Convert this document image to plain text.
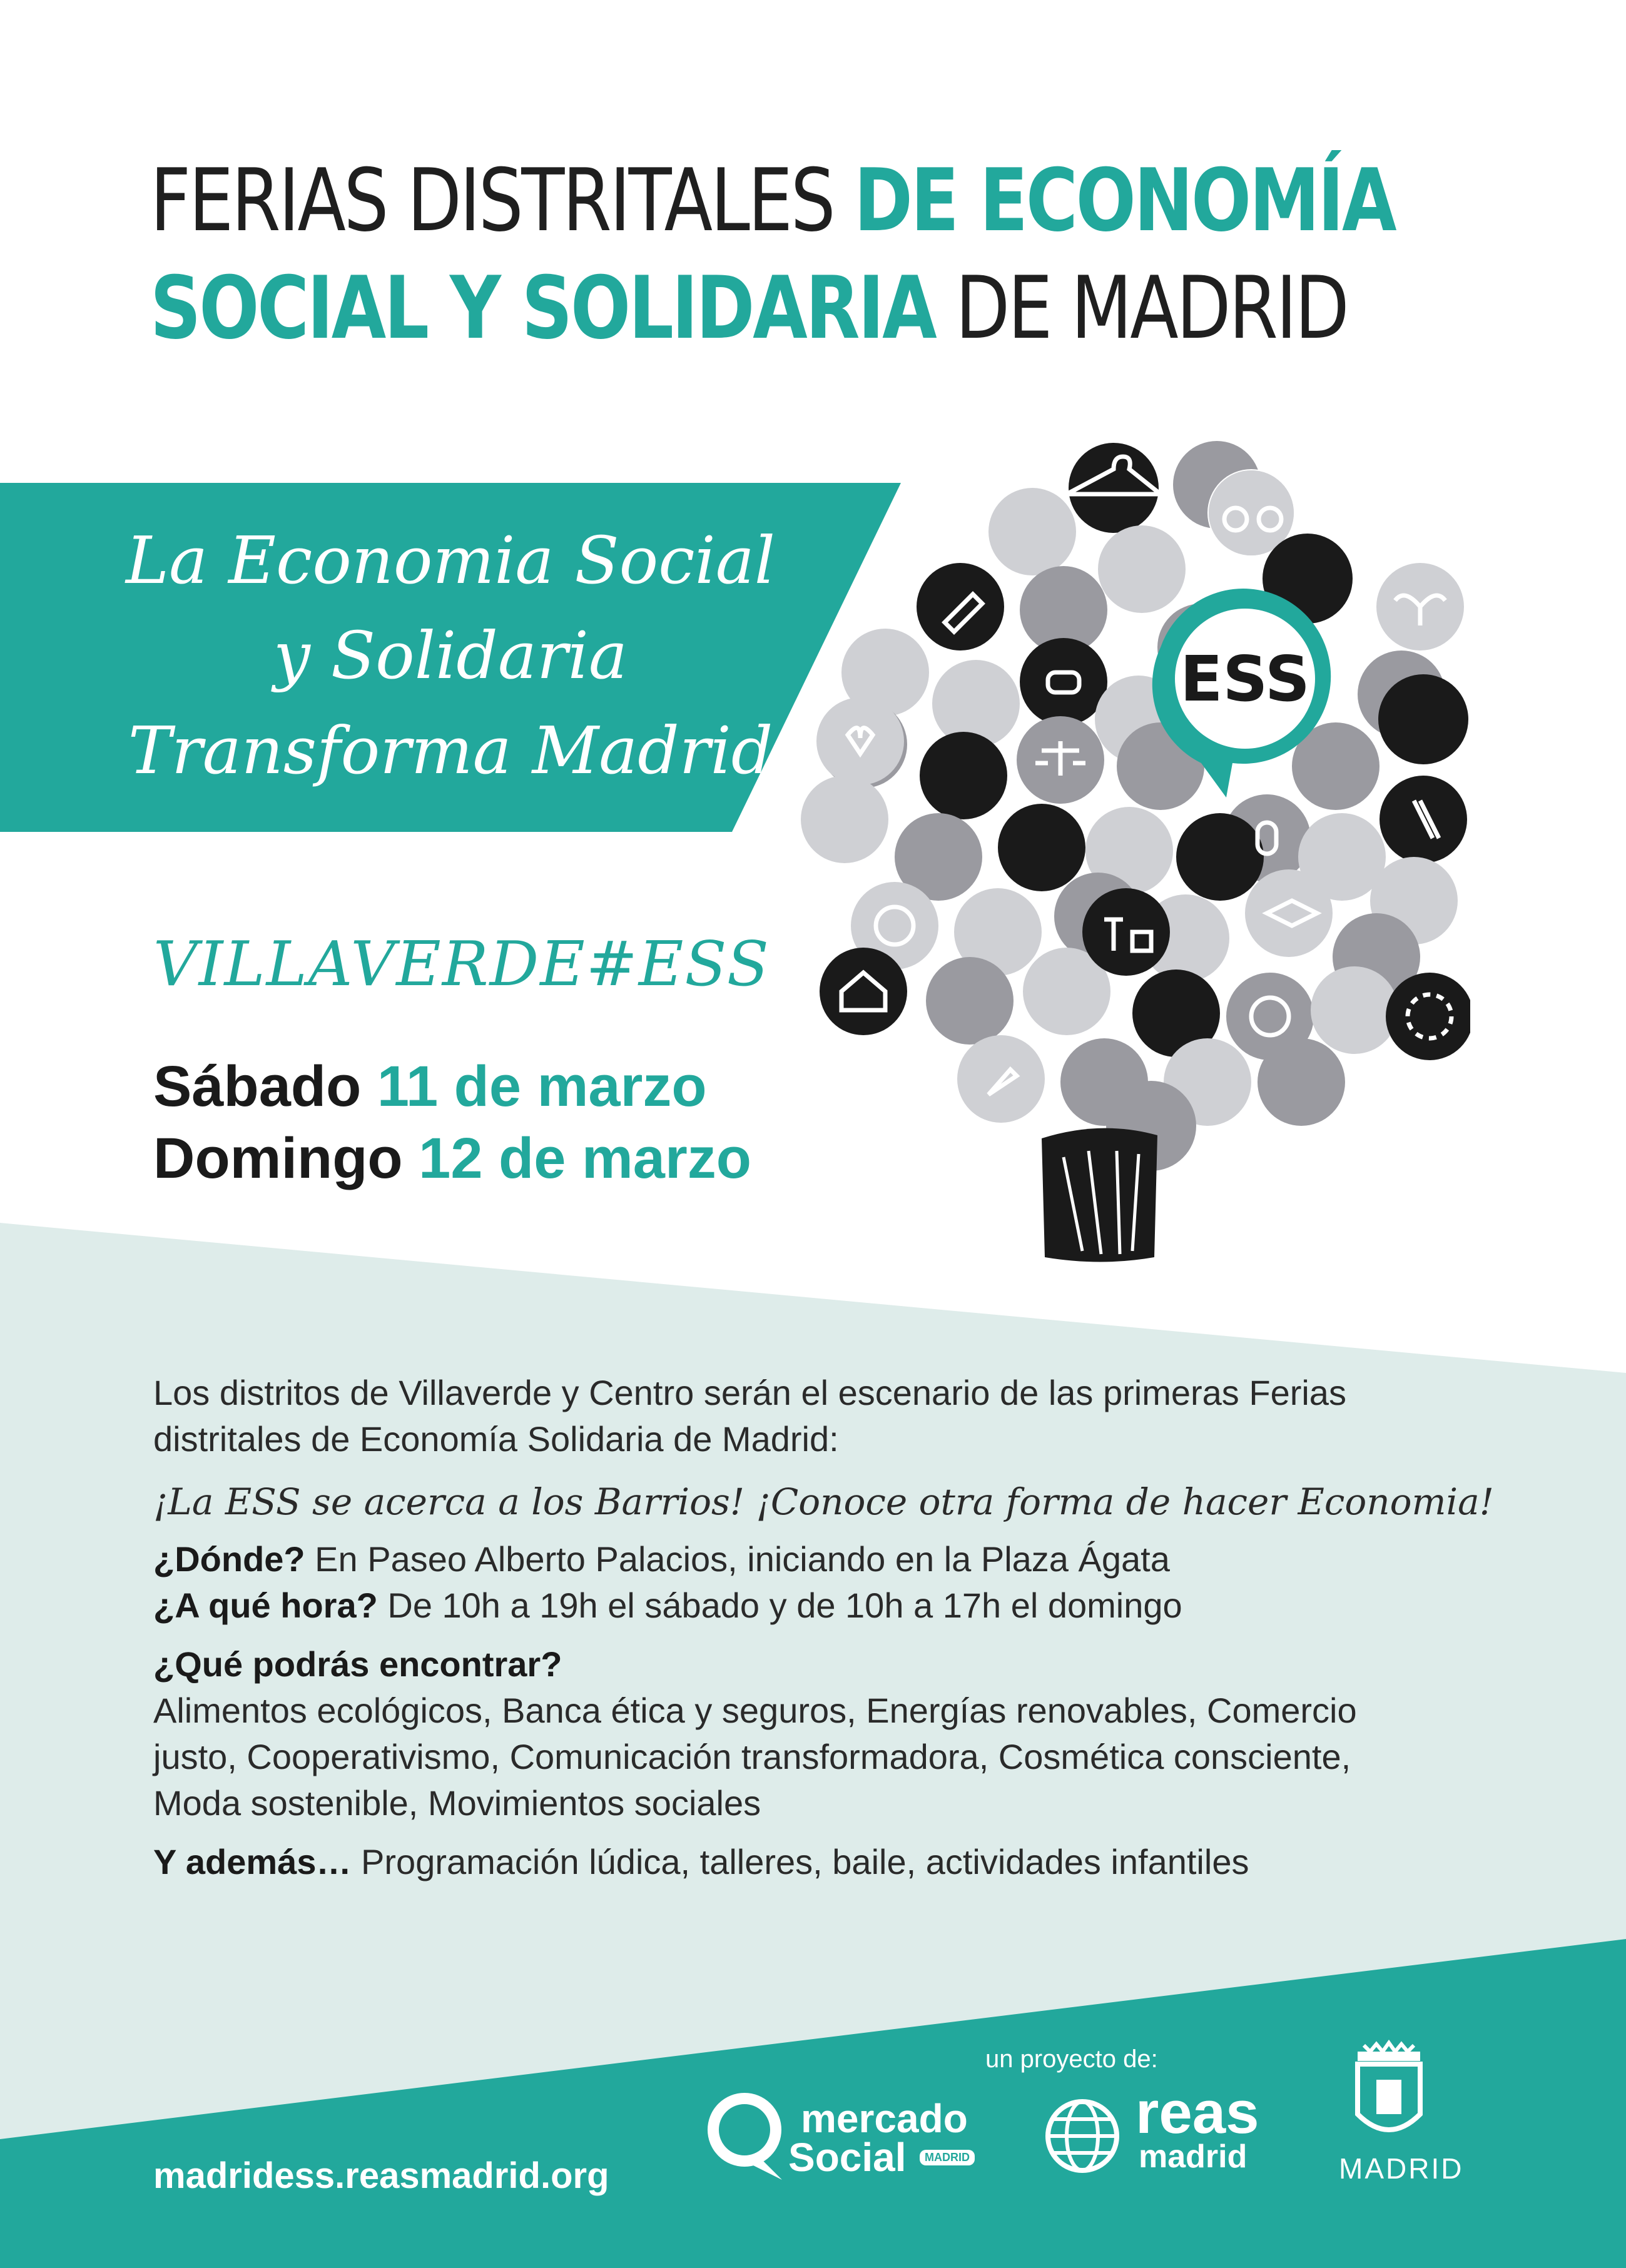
FERIAS DISTRITALES DE ECONOMÍA
SOCIAL Y SOLIDARIA DE MADRID
La Economia Social
y Solidaria
Transforma Madrid
VILLAVERDE#ESS
Sábado 11 de marzo
Domingo 12 de marzo
ESS

Los distritos de Villaverde y Centro serán el escenario de las primeras Ferias distritales de Economía Solidaria de Madrid:

¡La ESS se acerca a los Barrios! ¡Conoce otra forma de hacer Economia!

¿Dónde? En Paseo Alberto Palacios, iniciando en la Plaza Ágata

¿A qué hora? De 10h a 19h el sábado y de 10h a 17h el domingo

¿Qué podrás encontrar?

Alimentos ecológicos, Banca ética y seguros, Energías renovables, Comercio justo, Cooperativismo, Comunicación transformadora, Cosmética consciente, Moda sostenible, Movimientos sociales

Y además… Programación lúdica, talleres, baile, actividades infantiles

un proyecto de:
madridess.reasmadrid.org
mercado
Social	MADRID
reas
madrid	MADRID
